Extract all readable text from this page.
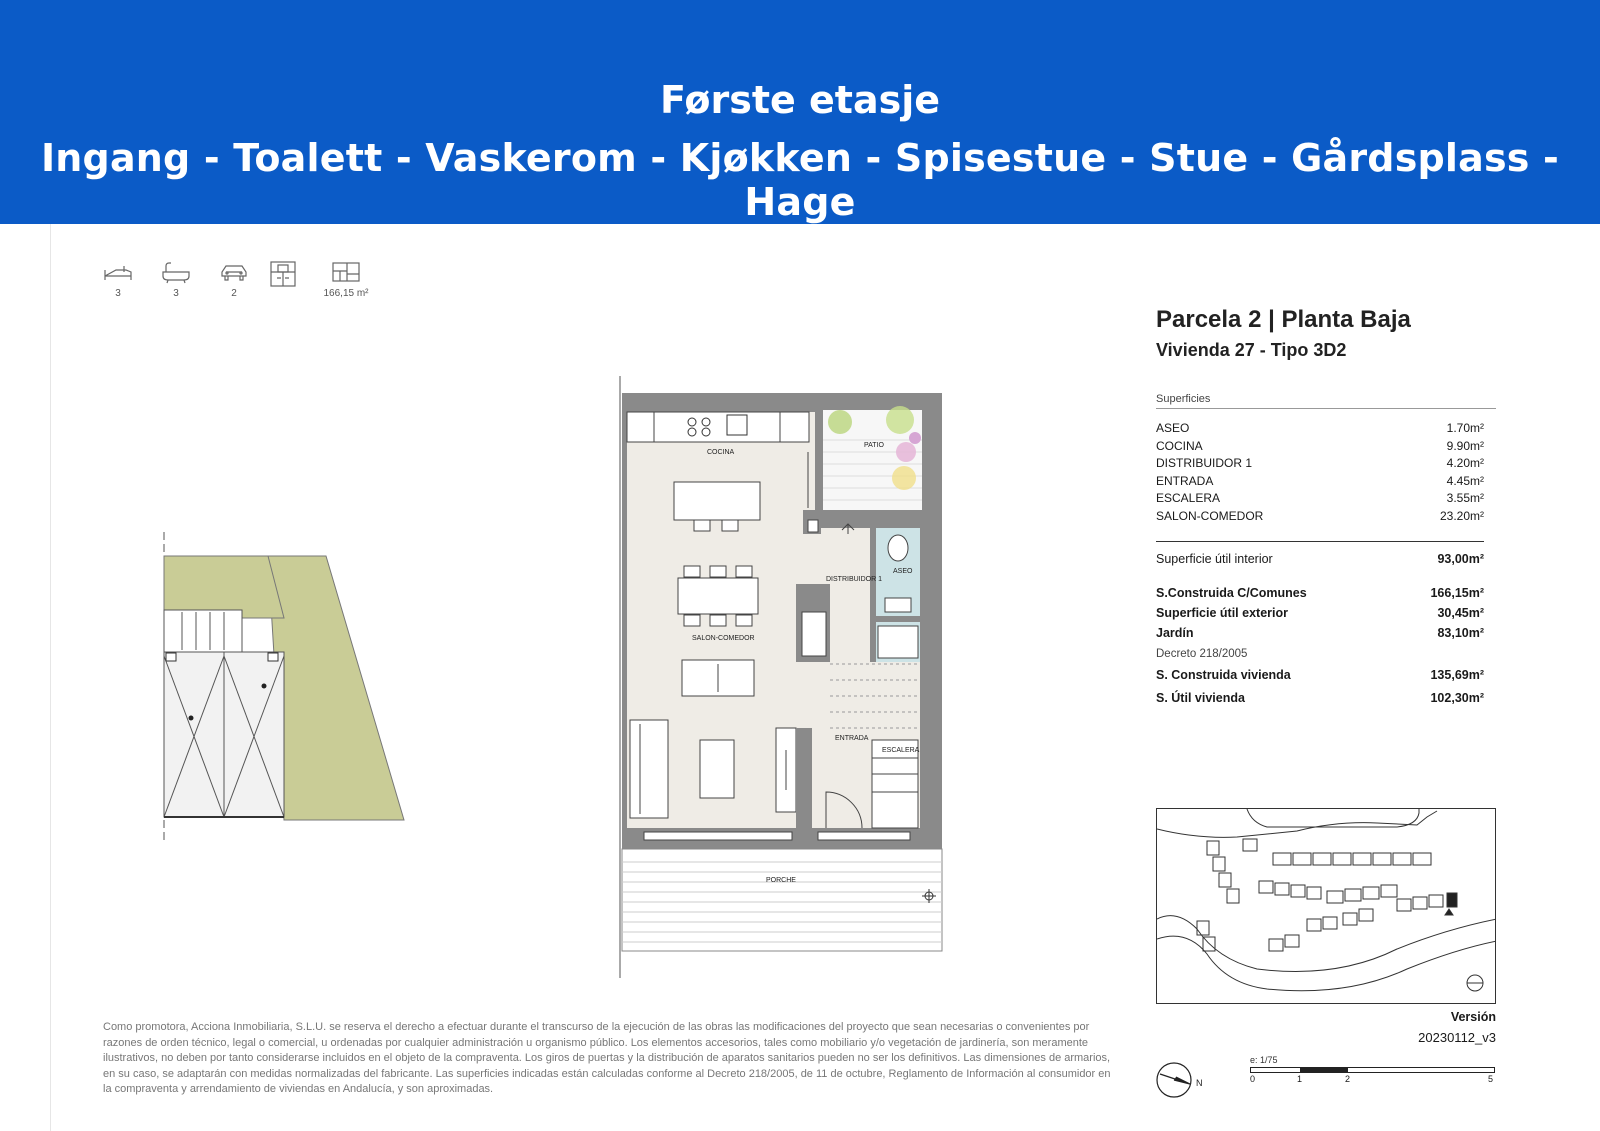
Første etasje
Ingang - Toalett - Vaskerom - Kjøkken - Spisestue - Stue - Gårdsplass - Hage
3	3	2	166,15 m²
COCINA
PATIO
DISTRIBUIDOR 1
ASEO
SALON-COMEDOR
ENTRADA
ESCALERA
PORCHE
Parcela 2 | Planta Baja
Vivienda 27 - Tipo 3D2
Superficies
ASEO	1.70m²
COCINA	9.90m²
DISTRIBUIDOR 1	4.20m²
ENTRADA	4.45m²
ESCALERA	3.55m²
SALON-COMEDOR	23.20m²
Superficie útil interior	93,00m²
S.Construida C/Comunes	166,15m²
Superficie útil exterior	30,45m²
Jardín	83,10m²
Decreto 218/2005
S. Construida vivienda	135,69m²
S. Útil vivienda	102,30m²
Versión
20230112_v3
N
e: 1/75
0	1	2	5
Como promotora, Acciona Inmobiliaria, S.L.U. se reserva el derecho a efectuar durante el transcurso de la ejecución de las obras las modificaciones del proyecto que sean necesarias o convenientes por razones de orden técnico, legal o comercial, u ordenadas por cualquier administración u organismo público. Los elementos accesorios, tales como mobiliario y/o vegetación de jardinería, son meramente ilustrativos, no deben por tanto considerarse incluidos en el objeto de la compraventa. Los giros de puertas y la distribución de aparatos sanitarios pueden no ser los definitivos. Las dimensiones de armarios, en su caso, se adaptarán con medidas normalizadas del fabricante. Las superficies indicadas están calculadas conforme al Decreto 218/2005, de 11 de octubre, Reglamento de Información al consumidor en la compraventa y arrendamiento de viviendas en Andalucía, y son aproximadas.
